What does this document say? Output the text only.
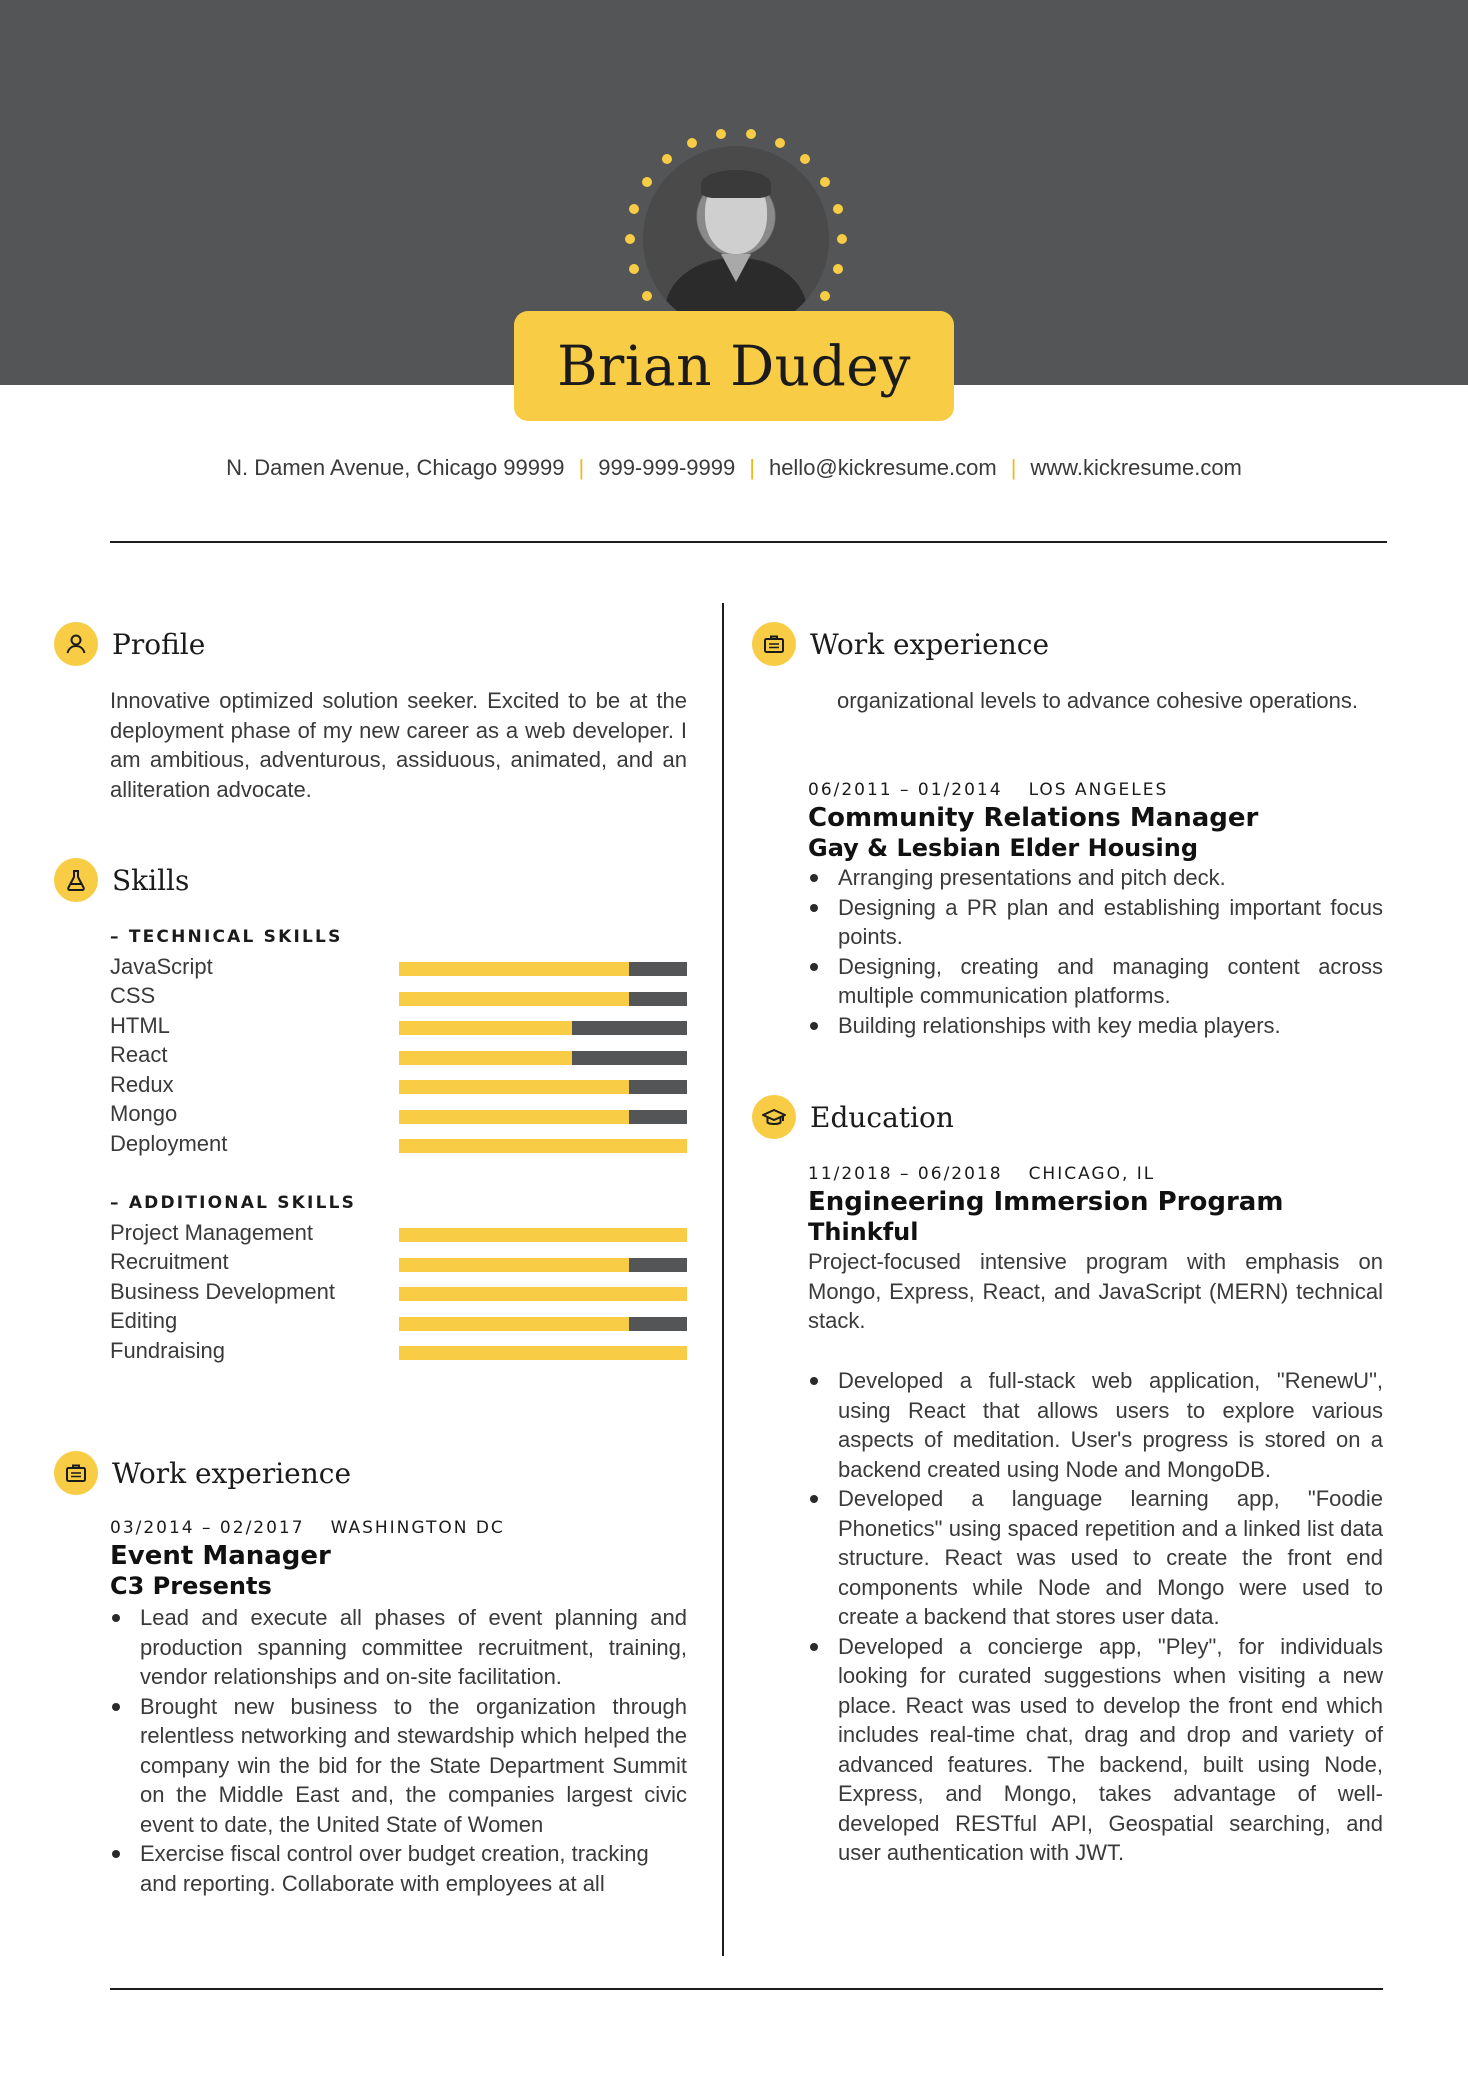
Brian Dudey
N. Damen Avenue, Chicago 99999 | 999-999-9999 | hello@kickresume.com | www.kickresume.com
Profile
Innovative optimized solution seeker. Excited to be at the deployment phase of my new career as a web developer. I am ambitious, adventurous, assiduous, animated, and an alliteration advocate.
Skills
– TECHNICAL SKILLS
JavaScript
CSS
HTML
React
Redux
Mongo
Deployment
– ADDITIONAL SKILLS
Project Management
Recruitment
Business Development
Editing
Fundraising
Work experience
03/2014 – 02/2017 WASHINGTON DC
Event Manager
C3 Presents
Lead and execute all phases of event planning and production spanning committee recruitment, training, vendor relationships and on-site facilitation.
Brought new business to the organization through relentless networking and stewardship which helped the company win the bid for the State Department Summit on the Middle East and, the companies largest civic event to date, the United State of Women
Exercise fiscal control over budget creation, tracking and reporting. Collaborate with employees at all
Work experience
organizational levels to advance cohesive operations.
06/2011 – 01/2014 LOS ANGELES
Community Relations Manager
Gay & Lesbian Elder Housing
Arranging presentations and pitch deck.
Designing a PR plan and establishing important focus points.
Designing, creating and managing content across multiple communication platforms.
Building relationships with key media players.
Education
11/2018 – 06/2018 CHICAGO, IL
Engineering Immersion Program
Thinkful
Project-focused intensive program with emphasis on Mongo, Express, React, and JavaScript (MERN) technical stack.
Developed a full-stack web application, "RenewU", using React that allows users to explore various aspects of meditation. User's progress is stored on a backend created using Node and MongoDB.
Developed a language learning app, "Foodie Phonetics" using spaced repetition and a linked list data structure. React was used to create the front end components while Node and Mongo were used to create a backend that stores user data.
Developed a concierge app, "Pley", for individuals looking for curated suggestions when visiting a new place. React was used to develop the front end which includes real-time chat, drag and drop and variety of advanced features. The backend, built using Node, Express, and Mongo, takes advantage of well-developed RESTful API, Geospatial searching, and user authentication with JWT.
